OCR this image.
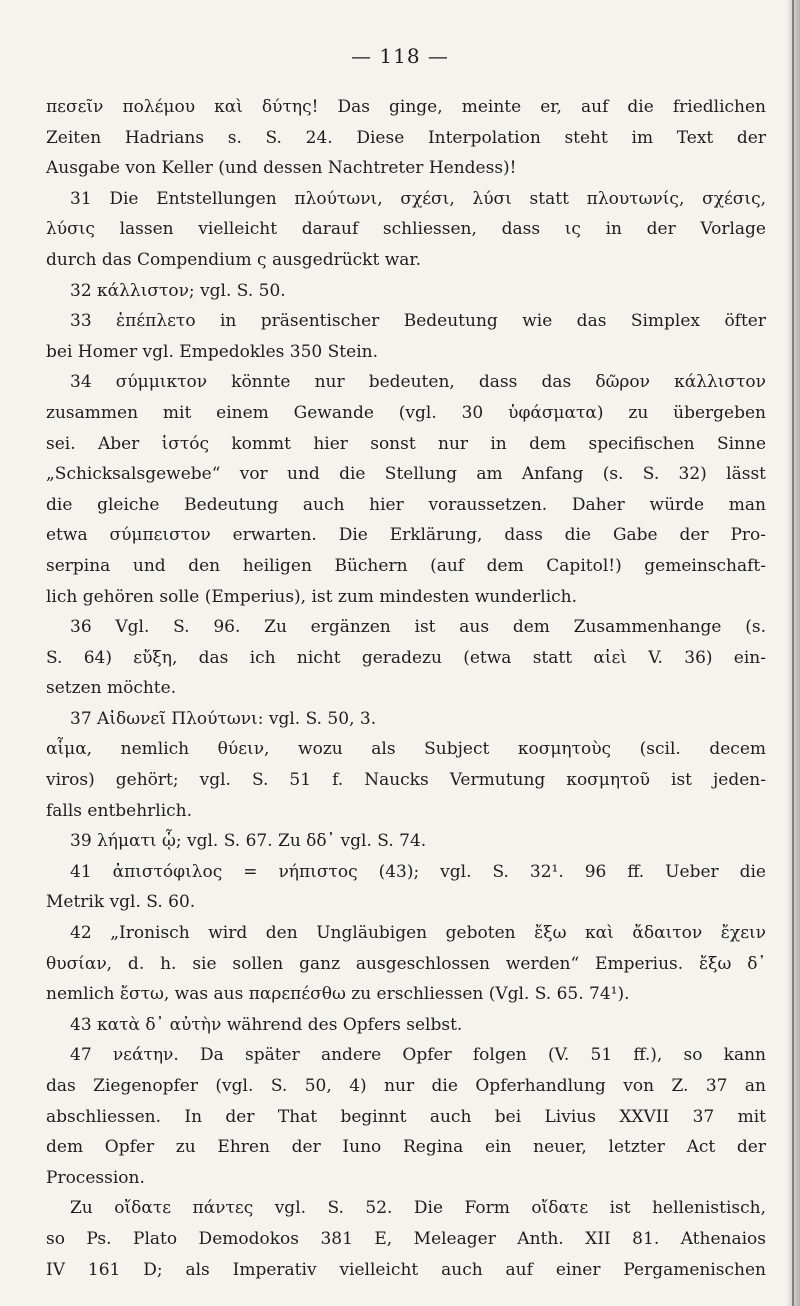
— 118 —
πεσεῖν πολέμου καὶ δύτης! Das ginge, meinte er, auf die friedlichen
Zeiten Hadrians s. S. 24. Diese Interpolation steht im Text der
Ausgabe von Keller (und dessen Nachtreter Hendess)!
31 Die Entstellungen πλούτωνι, σχέσι, λύσι statt πλουτωνίς, σχέσις,
λύσις lassen vielleicht darauf schliessen, dass ις in der Vorlage
durch das Compendium ς ausgedrückt war.
32 κάλλιστον; vgl. S. 50.
33 ἐπέπλετο in präsentischer Bedeutung wie das Simplex öfter
bei Homer vgl. Empedokles 350 Stein.
34 σύμμικτον könnte nur bedeuten, dass das δῶρον κάλλιστον
zusammen mit einem Gewande (vgl. 30 ὑφάσματα) zu übergeben
sei. Aber ἱστός kommt hier sonst nur in dem specifischen Sinne
„Schicksalsgewebe“ vor und die Stellung am Anfang (s. S. 32) lässt
die gleiche Bedeutung auch hier voraussetzen. Daher würde man
etwa σύμπειστον erwarten. Die Erklärung, dass die Gabe der Pro-
serpina und den heiligen Büchern (auf dem Capitol!) gemeinschaft-
lich gehören solle (Emperius), ist zum mindesten wunderlich.
36 Vgl. S. 96. Zu ergänzen ist aus dem Zusammenhange (s.
S. 64) εὔξη, das ich nicht geradezu (etwa statt αἰεὶ V. 36) ein-
setzen möchte.
37 Αἰδωνεῖ Πλούτωνι: vgl. S. 50, 3.
αἷμα, nemlich θύειν, wozu als Subject κοσμητοὺς (scil. decem
viros) gehört; vgl. S. 51 f. Naucks Vermutung κοσμητοῦ ist jeden-
falls entbehrlich.
39 λήματι ᾧ; vgl. S. 67. Zu δδ᾽ vgl. S. 74.
41 ἀπιστόφιλος = νήπιστος (43); vgl. S. 32¹. 96 ff. Ueber die
Metrik vgl. S. 60.
42 „Ironisch wird den Ungläubigen geboten ἔξω καὶ ἄδαιτον ἔχειν
θυσίαν, d. h. sie sollen ganz ausgeschlossen werden“ Emperius. ἔξω δ᾽
nemlich ἔστω, was aus παρεπέσθω zu erschliessen (Vgl. S. 65. 74¹).
43 κατὰ δ᾽ αὐτὴν während des Opfers selbst.
47 νεάτην. Da später andere Opfer folgen (V. 51 ff.), so kann
das Ziegenopfer (vgl. S. 50, 4) nur die Opferhandlung von Z. 37 an
abschliessen. In der That beginnt auch bei Livius XXVII 37 mit
dem Opfer zu Ehren der Iuno Regina ein neuer, letzter Act der
Procession.
Zu οἴδατε πάντες vgl. S. 52. Die Form οἴδατε ist hellenistisch,
so Ps. Plato Demodokos 381 E, Meleager Anth. XII 81. Athenaios
IV 161 D; als Imperativ vielleicht auch auf einer Pergamenischen
